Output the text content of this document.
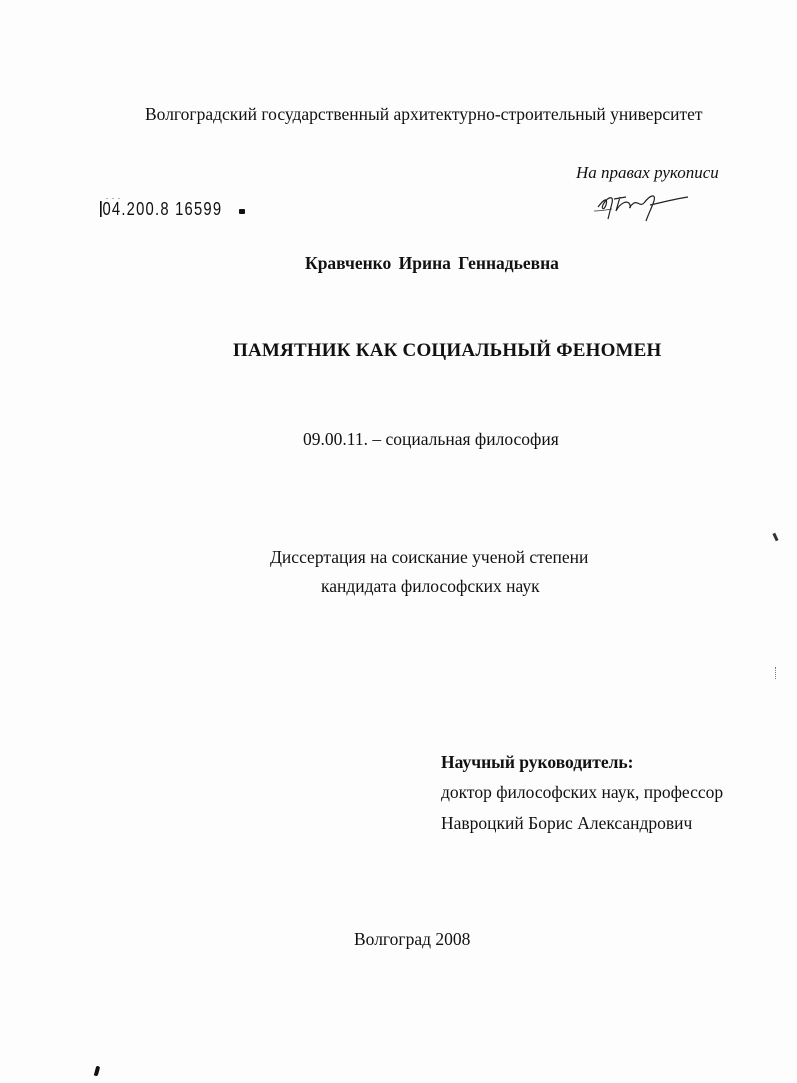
Волгоградский государственный архитектурно-строительный университет
На правах рукописи
...
04.200.8 16599
Кравченко Ирина Геннадьевна
ПАМЯТНИК КАК СОЦИАЛЬНЫЙ ФЕНОМЕН
09.00.11. – социальная философия
Диссертация на соискание ученой степени
кандидата философских наук
Научный руководитель:
доктор философских наук, профессор
Навроцкий Борис Александрович
Волгоград 2008
